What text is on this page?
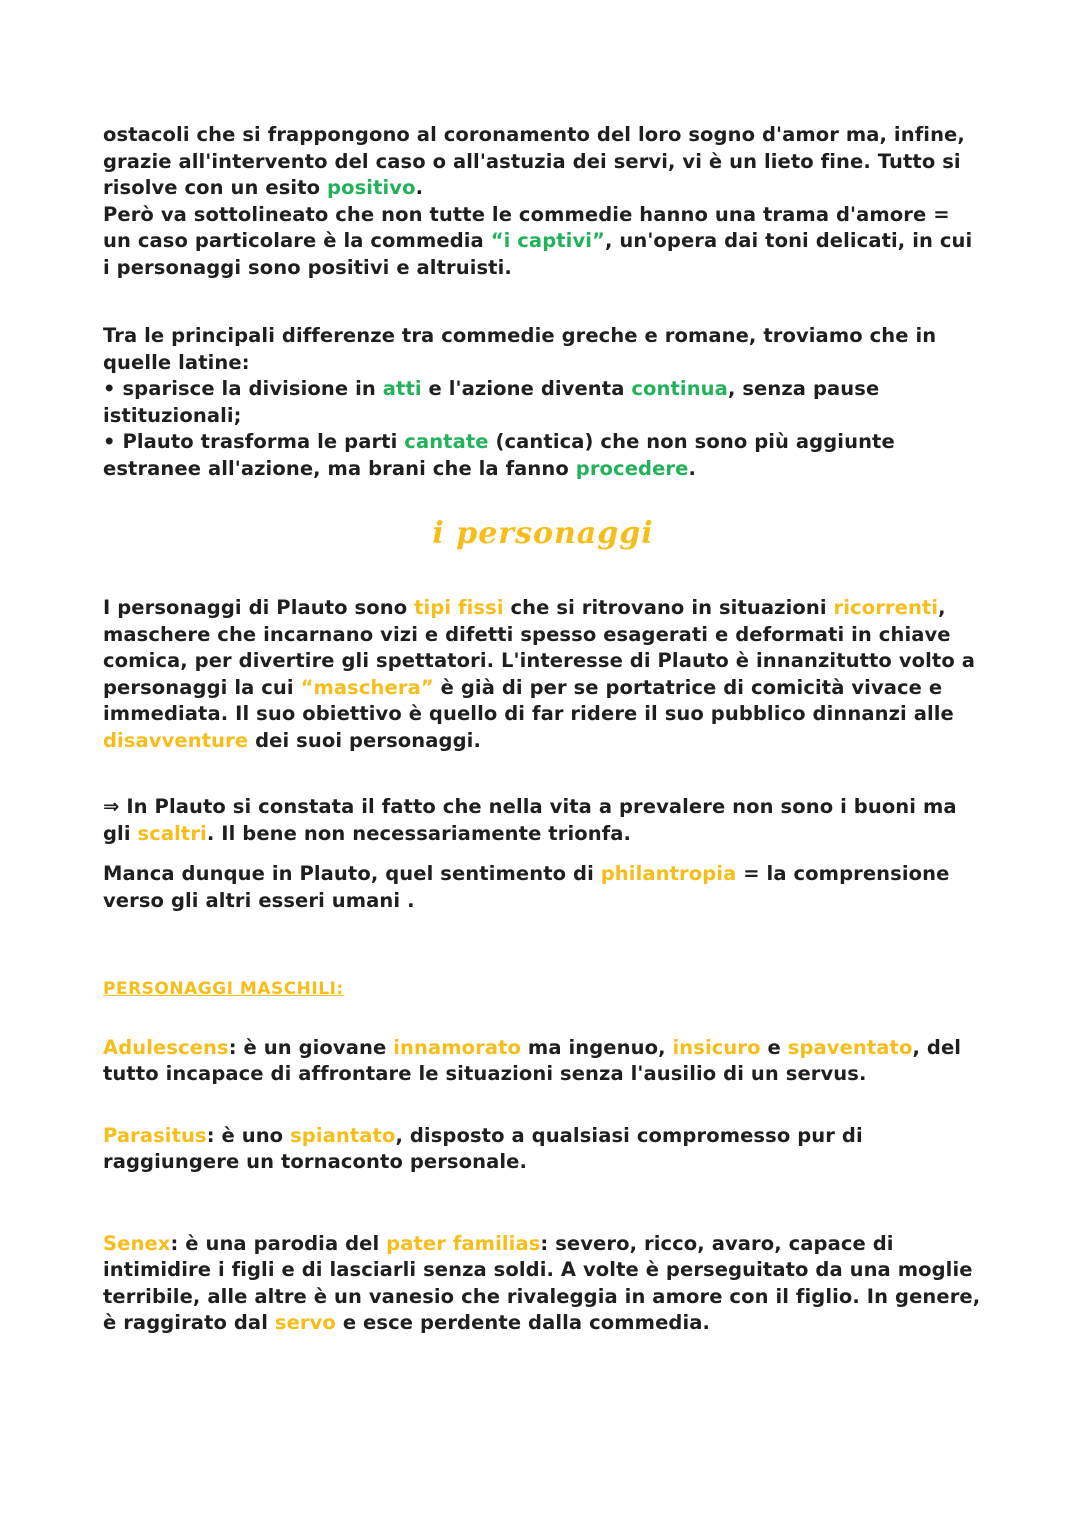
ostacoli che si frappongono al coronamento del loro sogno d'amor ma, infine, grazie all'intervento del caso o all'astuzia dei servi, vi è un lieto fine. Tutto si risolve con un esito positivo.

Però va sottolineato che non tutte le commedie hanno una trama d'amore = un caso particolare è la commedia “i captivi”, un'opera dai toni delicati, in cui i personaggi sono positivi e altruisti.

Tra le principali differenze tra commedie greche e romane, troviamo che in quelle latine:

• sparisce la divisione in atti e l'azione diventa continua, senza pause istituzionali;

• Plauto trasforma le parti cantate (cantica) che non sono più aggiunte estranee all'azione, ma brani che la fanno procedere.

i personaggi

I personaggi di Plauto sono tipi fissi che si ritrovano in situazioni ricorrenti, maschere che incarnano vizi e difetti spesso esagerati e deformati in chiave comica, per divertire gli spettatori. L'interesse di Plauto è innanzitutto volto a personaggi la cui “maschera” è già di per se portatrice di comicità vivace e immediata. Il suo obiettivo è quello di far ridere il suo pubblico dinnanzi alle disavventure dei suoi personaggi.

⇒ In Plauto si constata il fatto che nella vita a prevalere non sono i buoni ma gli scaltri. Il bene non necessariamente trionfa.

Manca dunque in Plauto, quel sentimento di philantropia = la comprensione verso gli altri esseri umani .

PERSONAGGI MASCHILI:

Adulescens: è un giovane innamorato ma ingenuo, insicuro e spaventato, del tutto incapace di affrontare le situazioni senza l'ausilio di un servus.

Parasitus: è uno spiantato, disposto a qualsiasi compromesso pur di raggiungere un tornaconto personale.

Senex: è una parodia del pater familias: severo, ricco, avaro, capace di intimidire i figli e di lasciarli senza soldi. A volte è perseguitato da una moglie terribile, alle altre è un vanesio che rivaleggia in amore con il figlio. In genere, è raggirato dal servo e esce perdente dalla commedia.
